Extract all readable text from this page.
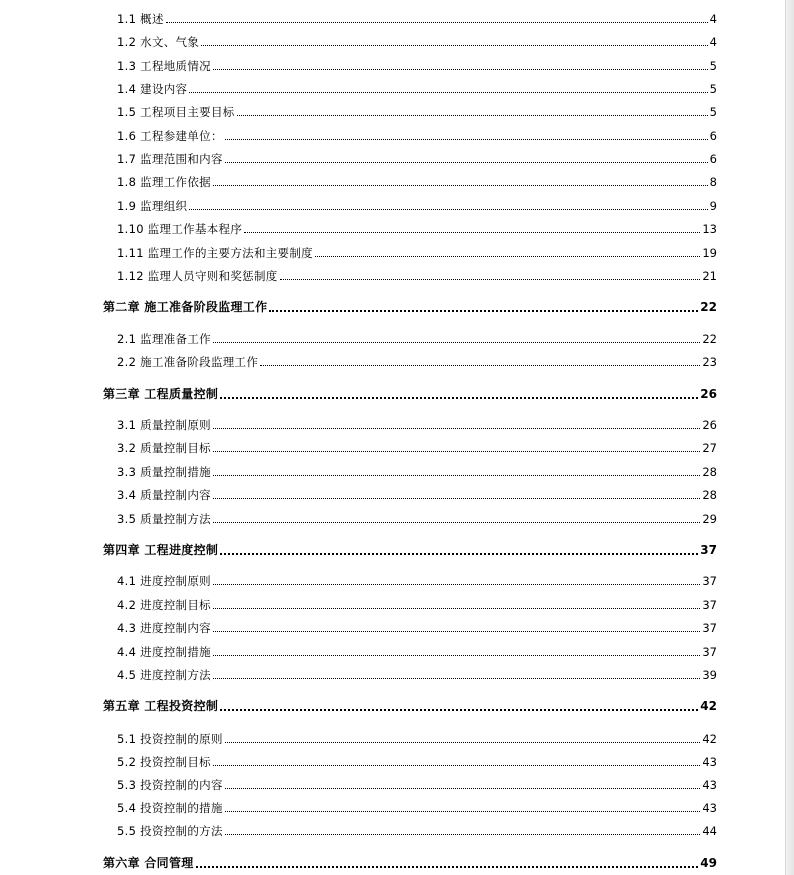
1.1 概述	4
1.2 水文、气象	4
1.3 工程地质情况	5
1.4 建设内容	5
1.5 工程项目主要目标	5
1.6 工程参建单位：	6
1.7 监理范围和内容	6
1.8 监理工作依据	8
1.9 监理组织	9
1.10 监理工作基本程序	13
1.11 监理工作的主要方法和主要制度	19
1.12 监理人员守则和奖惩制度	21
第二章 施工准备阶段监理工作	22
2.1 监理准备工作	22
2.2 施工准备阶段监理工作	23
第三章 工程质量控制	26
3.1 质量控制原则	26
3.2 质量控制目标	27
3.3 质量控制措施	28
3.4 质量控制内容	28
3.5 质量控制方法	29
第四章 工程进度控制	37
4.1 进度控制原则	37
4.2 进度控制目标	37
4.3 进度控制内容	37
4.4 进度控制措施	37
4.5 进度控制方法	39
第五章 工程投资控制	42
5.1 投资控制的原则	42
5.2 投资控制目标	43
5.3 投资控制的内容	43
5.4 投资控制的措施	43
5.5 投资控制的方法	44
第六章 合同管理	49
